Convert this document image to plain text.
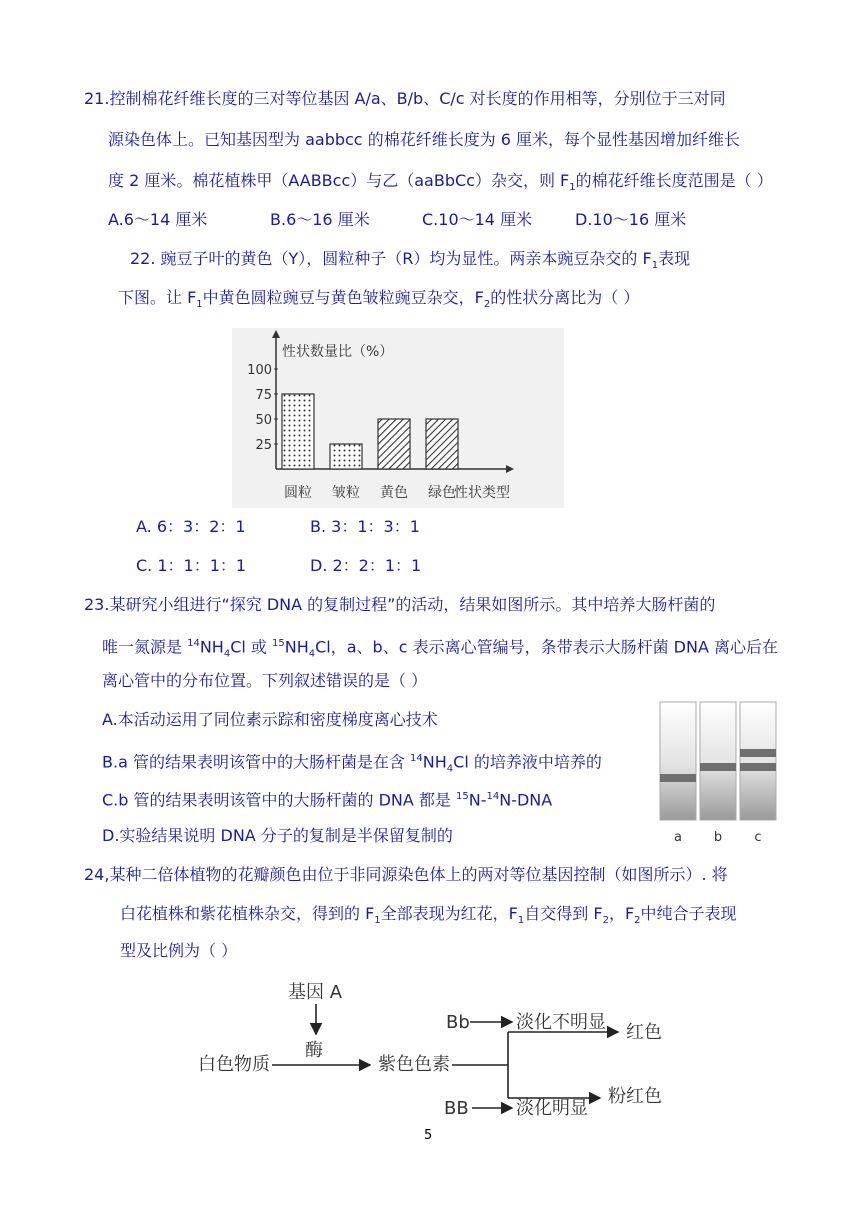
21.控制棉花纤维长度的三对等位基因 A/a、B/b、C/c 对长度的作用相等，分别位于三对同
源染色体上。已知基因型为 aabbcc 的棉花纤维长度为 6 厘米，每个显性基因增加纤维长
度 2 厘米。棉花植株甲（AABBcc）与乙（aaBbCc）杂交，则 $F_1$的棉花纤维长度范围是（ ）
A.6～14 厘米	B.6～16 厘米	C.10～14 厘米	D.10～16 厘米
22. 豌豆子叶的黄色（Y），圆粒种子（R）均为显性。两亲本豌豆杂交的 $F_1$表现
下图。让 $F_1$中黄色圆粒豌豆与黄色皱粒豌豆杂交，$F_2$的性状分离比为（ ）
性状数量比（%）
性状类型
100
75
50
25
圆粒 皱粒 黄色 绿色
A. 6：3：2：1	B. 3：1：3：1
C. 1：1：1：1	D. 2：2：1：1
23.某研究小组进行“探究 DNA 的复制过程”的活动，结果如图所示。其中培养大肠杆菌的
唯一氮源是 $^{14}NH_4Cl$ 或 $^{15}NH_4Cl$，a、b、c 表示离心管编号，条带表示大肠杆菌 DNA 离心后在
离心管中的分布位置。下列叙述错误的是（ ）
A.本活动运用了同位素示踪和密度梯度离心技术
B.a 管的结果表明该管中的大肠杆菌是在含 $^{14}NH_4Cl$ 的培养液中培养的
C.b 管的结果表明该管中的大肠杆菌的 DNA 都是 $^{15}$N-$^{14}$N-DNA
D.实验结果说明 DNA 分子的复制是半保留复制的	a b c
24,某种二倍体植物的花瓣颜色由位于非同源染色体上的两对等位基因控制（如图所示）. 将
白花植株和紫花植株杂交，得到的 $F_1$全部表现为红花，$F_1$自交得到 $F_2$，$F_2$中纯合子表现
型及比例为（ ）
基因 A
酶
白色物质	紫色色素
Bb	淡化不明显 红色
BB	淡化明显
粉红色
5
